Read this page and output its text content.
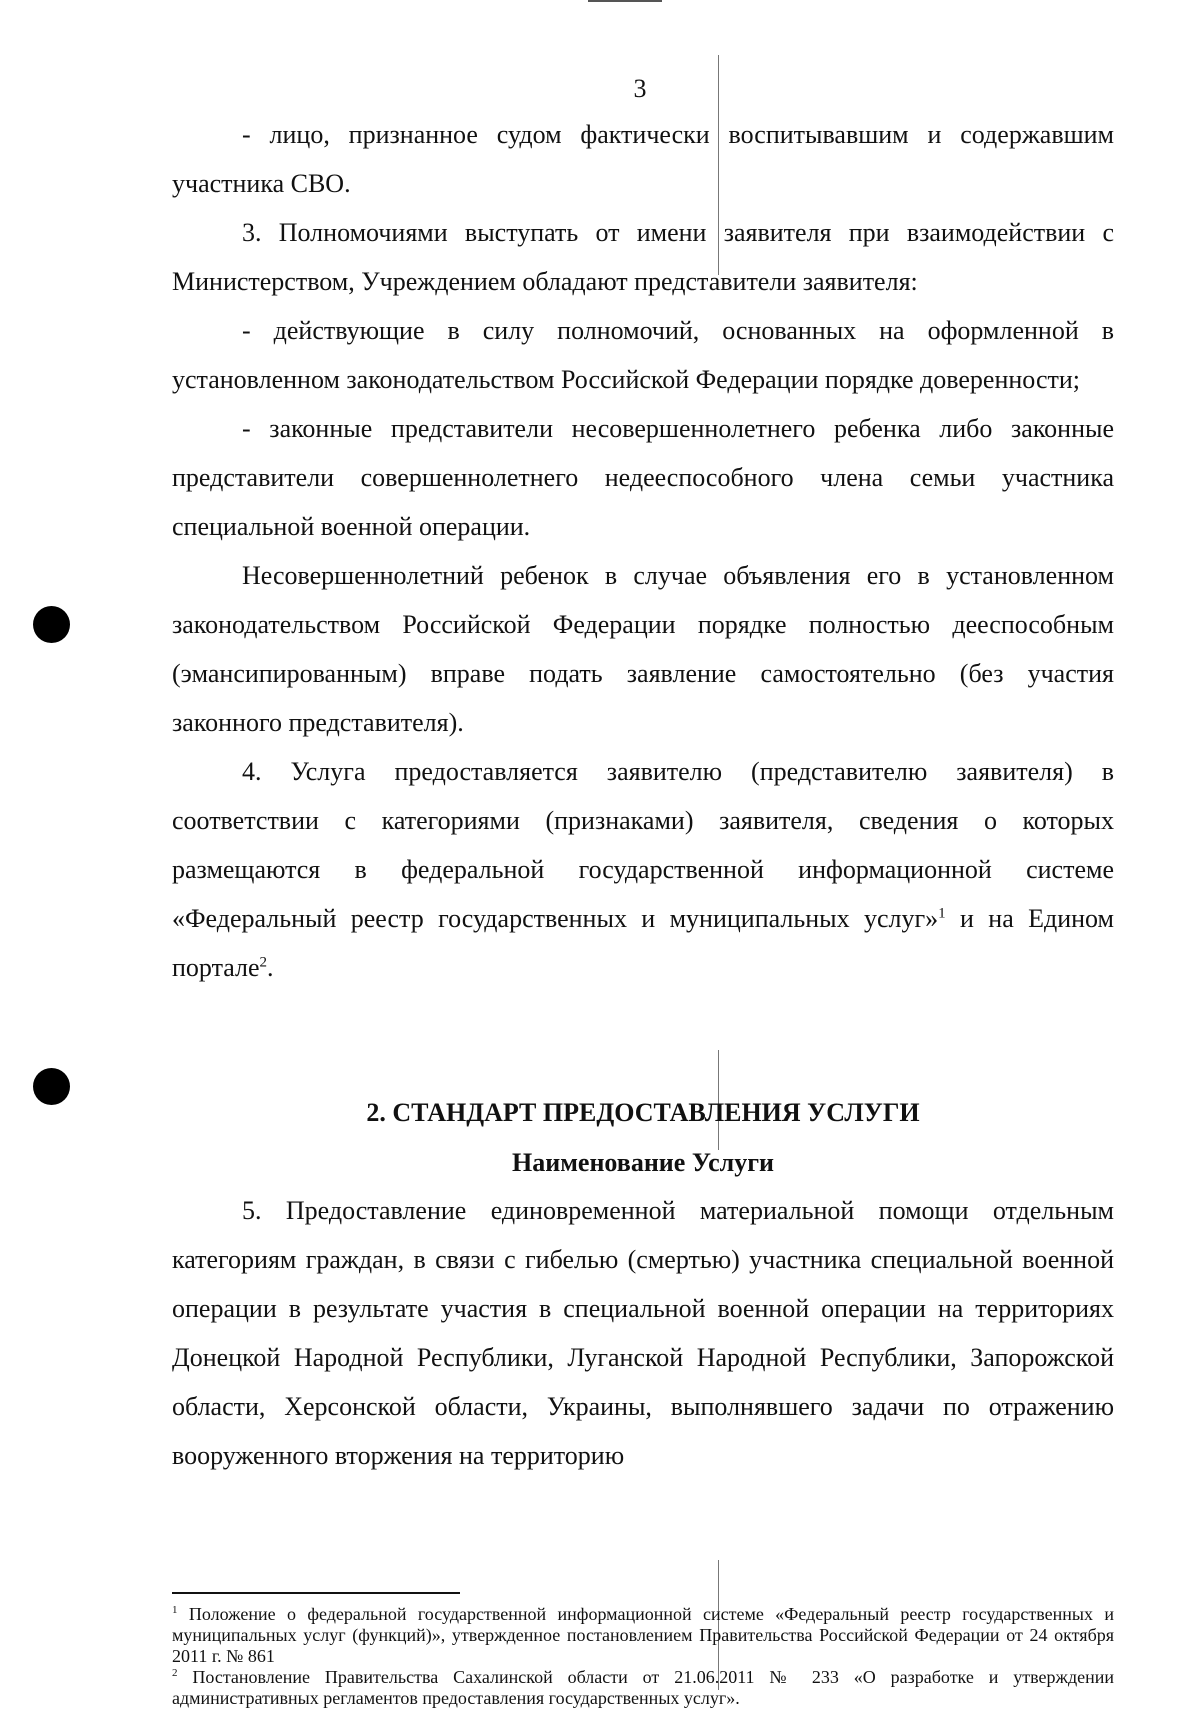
3

- лицо, признанное судом фактически воспитывавшим и содержавшим участника СВО.

3. Полномочиями выступать от имени заявителя при взаимодействии с Министерством, Учреждением обладают представители заявителя:

- действующие в силу полномочий, основанных на оформленной в установленном законодательством Российской Федерации порядке доверенности;

- законные представители несовершеннолетнего ребенка либо законные представители совершеннолетнего недееспособного члена семьи участника специальной военной операции.

Несовершеннолетний ребенок в случае объявления его в установленном законодательством Российской Федерации порядке полностью дееспособным (эмансипированным) вправе подать заявление самостоятельно (без участия законного представителя).

4. Услуга предоставляется заявителю (представителю заявителя) в соответствии с категориями (признаками) заявителя, сведения о которых размещаются в федеральной государственной информационной системе «Федеральный реестр государственных и муниципальных услуг»$^1$ и на Едином портале$^2$.

2. СТАНДАРТ ПРЕДОСТАВЛЕНИЯ УСЛУГИ
Наименование Услуги

5. Предоставление единовременной материальной помощи отдельным категориям граждан, в связи с гибелью (смертью) участника специальной военной операции в результате участия в специальной военной операции на территориях Донецкой Народной Республики, Луганской Народной Республики, Запорожской области, Херсонской области, Украины, выполнявшего задачи по отражению вооруженного вторжения на территорию

$^1$ Положение о федеральной государственной информационной системе «Федеральный реестр государственных и муниципальных услуг (функций)», утвержденное постановлением Правительства Российской Федерации от 24 октября 2011 г. № 861

$^2$ Постановление Правительства Сахалинской области от 21.06.2011 № 233 «О разработке и утверждении административных регламентов предоставления государственных услуг».
